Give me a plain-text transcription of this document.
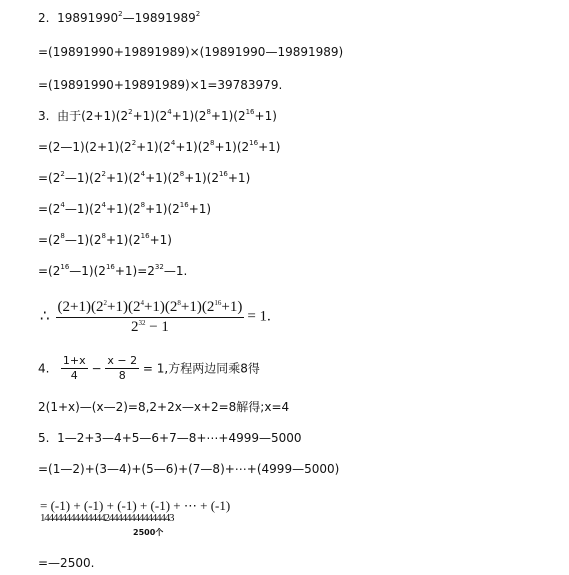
2. $19891990^2—19891989^2$
=(19891990+19891989)×(19891990—19891989)
=(19891990+19891989)×1=39783979.
3. 由于$(2+1)(2^2+1)(2^4+1)(2^8+1)(2^{16}+1)$
$=(2—1)(2+1)(2^2+1)(2^4+1)(2^8+1)(2^{16}+1)$
$=(2^2—1)(2^2+1)(2^4+1)(2^8+1)(2^{16}+1)$
$=(2^4—1)(2^4+1)(2^8+1)(2^{16}+1)$
$=(2^8—1)(2^8+1)(2^{16}+1)$
$=(2^{16}—1)(2^{16}+1)=2^{32}—1$.
∴ $\frac{(2+1)(2^2+1)(2^4+1)(2^8+1)(2^{16}+1)}{2^{32} - 1} = 1$.
4. $\frac{1+x}{4} - \frac{x - 2}{8} = 1$,方程两边同乘8得
2(1+x)—(x—2)=8,2+2x—x+2=8解得;x=4
5. 1—2+3—4+5—6+7—8+⋯+4999—5000
=(1—2)+(3—4)+(5—6)+(7—8)+⋯+(4999—5000)
= (-1) + (-1) + (-1) + (-1) + ⋯ + (-1)
1444444444444442444444444444443
2500个
=—2500.
